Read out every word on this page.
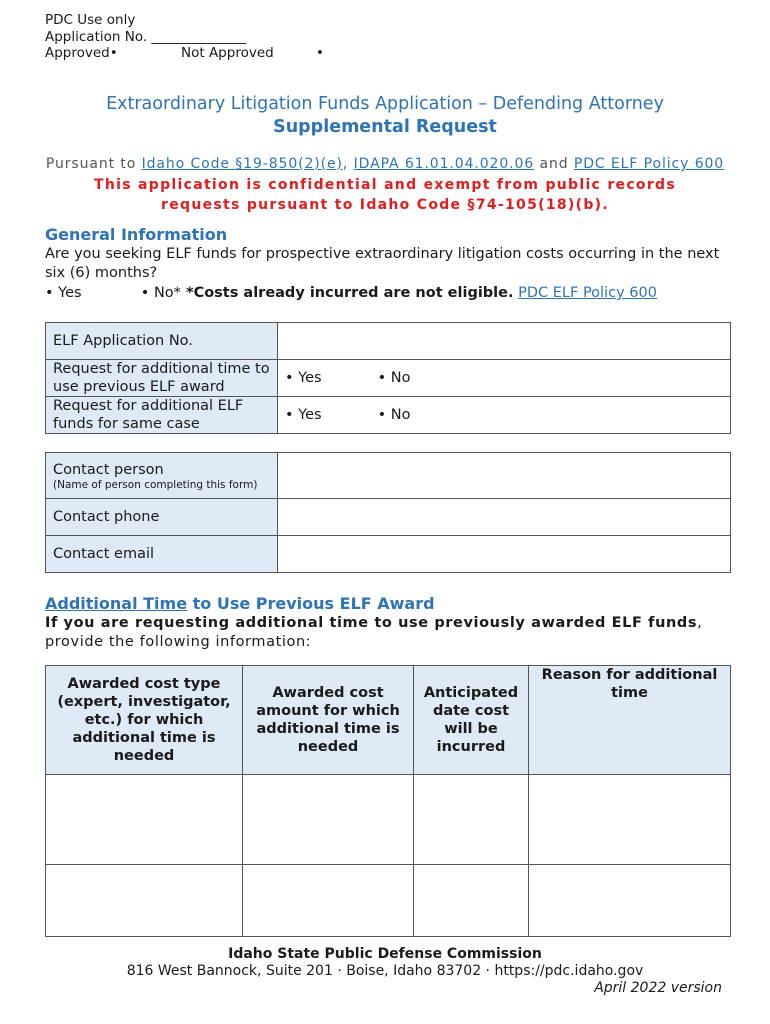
PDC Use only
Application No. ______________
Approved•	Not Approved	•
Extraordinary Litigation Funds Application – Defending Attorney
Supplemental Request
Pursuant to Idaho Code §19-850(2)(e), IDAPA 61.01.04.020.06 and PDC ELF Policy 600
This application is confidential and exempt from public records
requests pursuant to Idaho Code §74-105(18)(b).
General Information
Are you seeking ELF funds for prospective extraordinary litigation costs occurring in the next six (6) months?
• Yes	• No* *Costs already incurred are not eligible. PDC ELF Policy 600
ELF Application No.	
Request for additional time to use previous ELF award	• Yes • No
Request for additional ELF funds for same case	• Yes • No
Contact person
(Name of person completing this form)	

Contact phone	
Contact email	
Additional Time to Use Previous ELF Award
If you are requesting additional time to use previously awarded ELF funds, provide the following information:
Awarded cost type (expert, investigator, etc.) for which additional time is needed	Awarded cost amount for which additional time is needed	Anticipated date cost will be incurred	Reason for additional time

Idaho State Public Defense Commission
816 West Bannock, Suite 201 · Boise, Idaho 83702 · https://pdc.idaho.gov
April 2022 version
